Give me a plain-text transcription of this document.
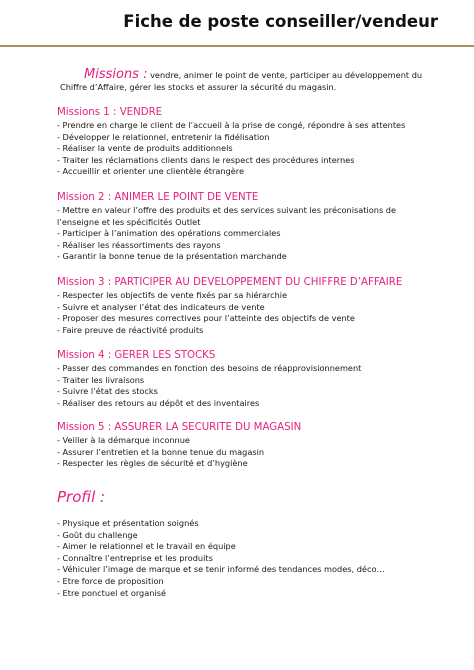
Fiche de poste conseiller/vendeur
Missions : vendre, animer le point de vente, participer au développement du Chiffre d’Affaire, gérer les stocks et assurer la sécurité du magasin.
Missions 1 : VENDRE
- Prendre en charge le client de l’accueil à la prise de congé, répondre à ses attentes
- Développer le relationnel, entretenir la fidélisation
- Réaliser la vente de produits additionnels
- Traiter les réclamations clients dans le respect des procédures internes
- Accueillir et orienter une clientèle étrangère
Mission 2 : ANIMER LE POINT DE VENTE
- Mettre en valeur l’offre des produits et des services suivant les préconisations de l’enseigne et les spécificités Outlet
- Participer à l’animation des opérations commerciales
- Réaliser les réassortiments des rayons
- Garantir la bonne tenue de la présentation marchande
Mission 3 : PARTICIPER AU DEVELOPPEMENT DU CHIFFRE D’AFFAIRE
- Respecter les objectifs de vente fixés par sa hiérarchie
- Suivre et analyser l’état des indicateurs de vente
- Proposer des mesures correctives pour l’atteinte des objectifs de vente
- Faire preuve de réactivité produits
Mission 4 : GERER LES STOCKS
- Passer des commandes en fonction des besoins de réapprovisionnement
- Traiter les livraisons
- Suivre l’état des stocks
- Réaliser des retours au dépôt et des inventaires
Mission 5 : ASSURER LA SECURITE DU MAGASIN
- Veiller à la démarque inconnue
- Assurer l’entretien et la bonne tenue du magasin
- Respecter les règles de sécurité et d’hygiène
Profil :
- Physique et présentation soignés
- Goût du challenge
- Aimer le relationnel et le travail en équipe
- Connaître l’entreprise et les produits
- Véhiculer l’image de marque et se tenir informé des tendances modes, déco…
- Etre force de proposition
- Etre ponctuel et organisé
